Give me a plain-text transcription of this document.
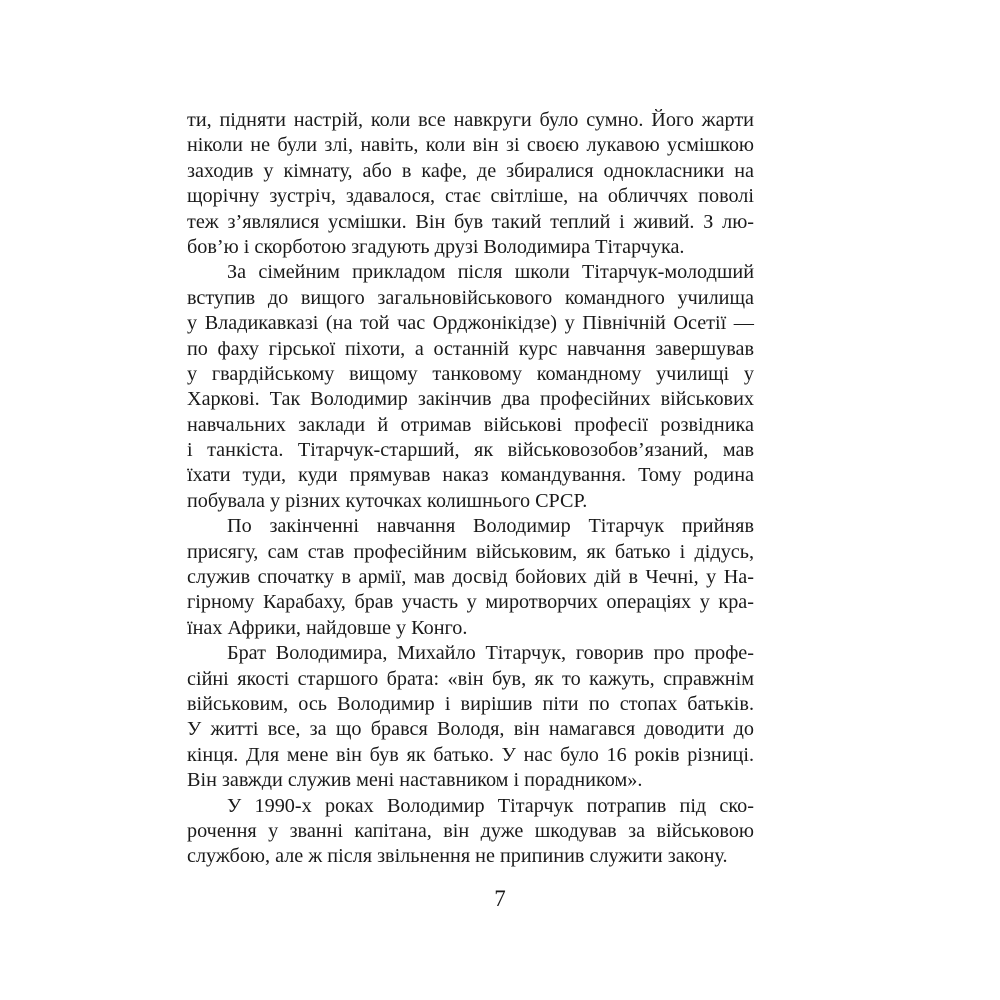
ти, підняти настрій, коли все навкруги було сумно. Його жарти
ніколи не були злі, навіть, коли він зі своєю лукавою усмішкою
заходив у кімнату, або в кафе, де збиралися однокласники на
щорічну зустріч, здавалося, стає світліше, на обличчях поволі
теж з’являлися усмішки. Він був такий теплий і живий. З лю-
бов’ю і скорботою згадують друзі Володимира Тітарчука.
За сімейним прикладом після школи Тітарчук-молодший
вступив до вищого загальновійськового командного училища
у Владикавказі (на той час Орджонікідзе) у Північній Осетії —
по фаху гірської піхоти, а останній курс навчання завершував
у гвардійському вищому танковому командному училищі у
Харкові. Так Володимир закінчив два професійних військових
навчальних заклади й отримав військові професії розвідника
і танкіста. Тітарчук-старший, як військовозобов’язаний, мав
їхати туди, куди прямував наказ командування. Тому родина
побувала у різних куточках колишнього СРСР.
По закінченні навчання Володимир Тітарчук прийняв
присягу, сам став професійним військовим, як батько і дідусь,
служив спочатку в армії, мав досвід бойових дій в Чечні, у На-
гірному Карабаху, брав участь у миротворчих операціях у кра-
їнах Африки, найдовше у Конго.
Брат Володимира, Михайло Тітарчук, говорив про профе-
сійні якості старшого брата: «він був, як то кажуть, справжнім
військовим, ось Володимир і вирішив піти по стопах батьків.
У житті все, за що брався Володя, він намагався доводити до
кінця. Для мене він був як батько. У нас було 16 років різниці.
Він завжди служив мені наставником і порадником».
У 1990-х роках Володимир Тітарчук потрапив під ско-
рочення у званні капітана, він дуже шкодував за військовою
службою, але ж після звільнення не припинив служити закону.
7
